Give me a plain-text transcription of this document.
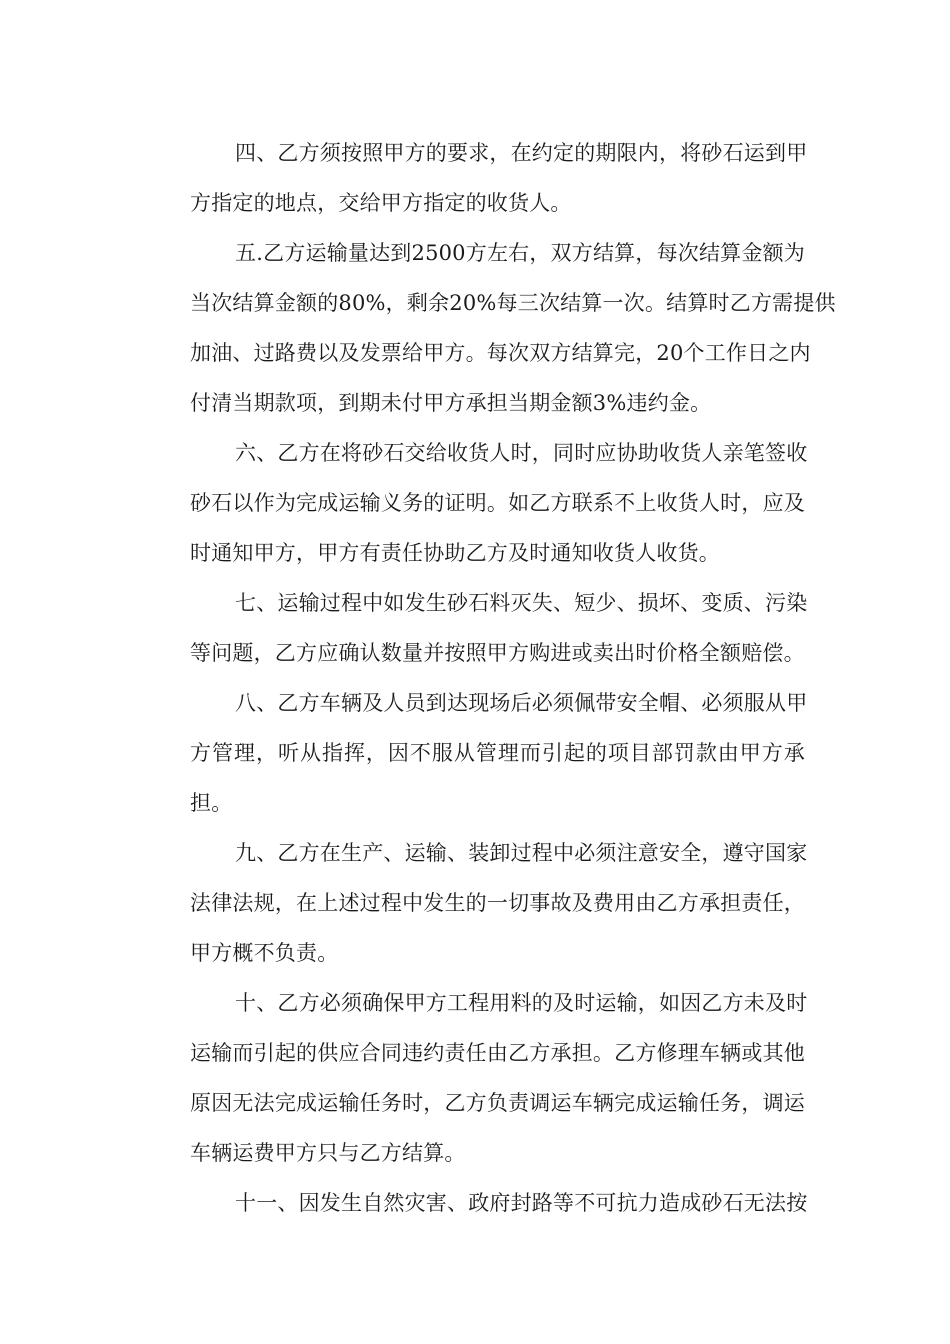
四、乙方须按照甲方的要求，在约定的期限内，将砂石运到甲
方指定的地点，交给甲方指定的收货人。
五.乙方运输量达到2500方左右，双方结算，每次结算金额为
当次结算金额的80%，剩余20%每三次结算一次。结算时乙方需提供
加油、过路费以及发票给甲方。每次双方结算完，20个工作日之内
付清当期款项，到期未付甲方承担当期金额3%违约金。
六、乙方在将砂石交给收货人时，同时应协助收货人亲笔签收
砂石以作为完成运输义务的证明。如乙方联系不上收货人时，应及
时通知甲方，甲方有责任协助乙方及时通知收货人收货。
七、运输过程中如发生砂石料灭失、短少、损坏、变质、污染
等问题，乙方应确认数量并按照甲方购进或卖出时价格全额赔偿。
八、乙方车辆及人员到达现场后必须佩带安全帽、必须服从甲
方管理，听从指挥，因不服从管理而引起的项目部罚款由甲方承
担。
九、乙方在生产、运输、装卸过程中必须注意安全，遵守国家
法律法规，在上述过程中发生的一切事故及费用由乙方承担责任，
甲方概不负责。
十、乙方必须确保甲方工程用料的及时运输，如因乙方未及时
运输而引起的供应合同违约责任由乙方承担。乙方修理车辆或其他
原因无法完成运输任务时，乙方负责调运车辆完成运输任务，调运
车辆运费甲方只与乙方结算。
十一、因发生自然灾害、政府封路等不可抗力造成砂石无法按
